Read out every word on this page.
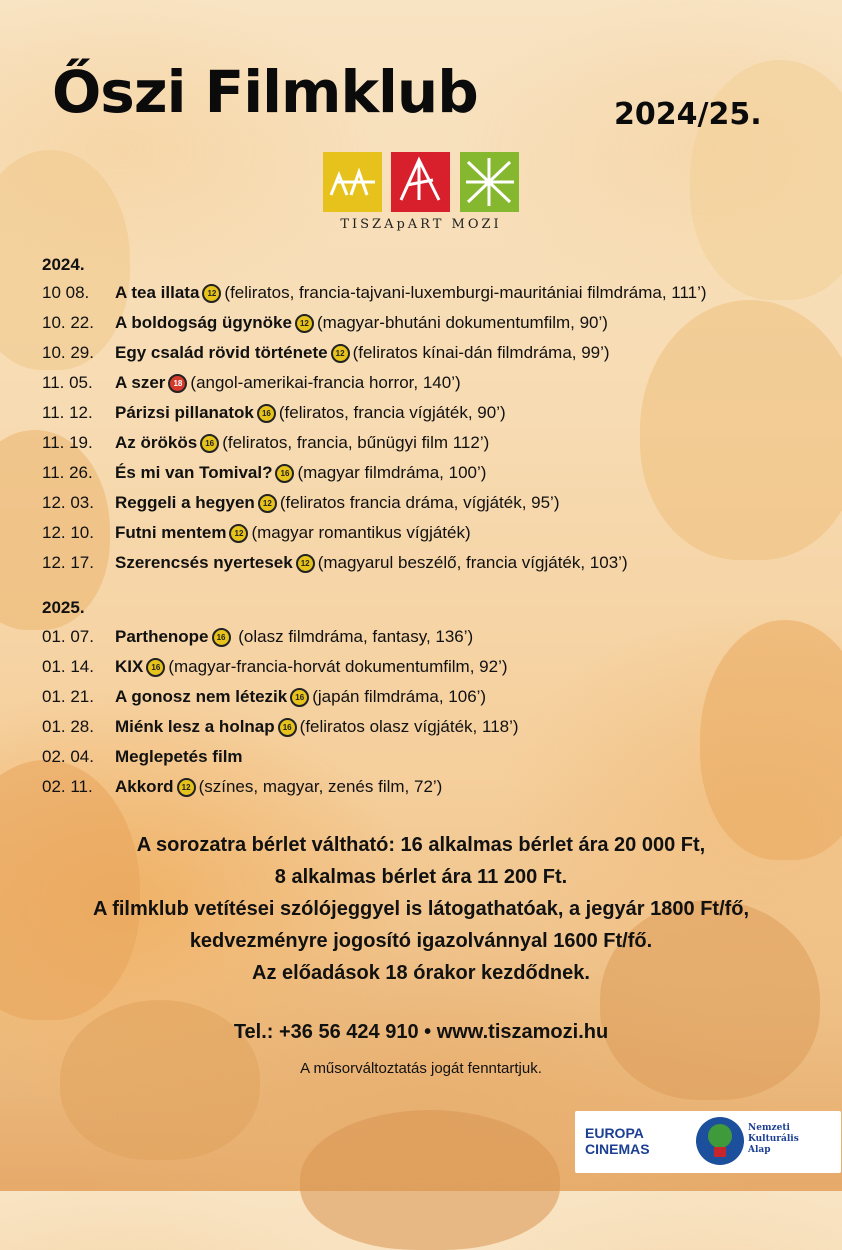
Őszi Filmklub	2024/25.
TISZApART MOZI
2024.
10 08.	A tea illata 12 (feliratos, francia-tajvani-luxemburgi-mauritániai filmdráma, 111’)
10. 22.	A boldogság ügynöke 12 (magyar-bhutáni dokumentumfilm, 90’)
10. 29.	Egy család rövid története 12 (feliratos kínai-dán filmdráma, 99’)
11. 05.	A szer 18 (angol-amerikai-francia horror, 140’)
11. 12.	Párizsi pillanatok 16 (feliratos, francia vígjáték, 90’)
11. 19.	Az örökös 16 (feliratos, francia, bűnügyi film 112’)
11. 26.	És mi van Tomival? 16 (magyar filmdráma, 100’)
12. 03.	Reggeli a hegyen 12 (feliratos francia dráma, vígjáték, 95’)
12. 10.	Futni mentem 12 (magyar romantikus vígjáték)
12. 17.	Szerencsés nyertesek 12 (magyarul beszélő, francia vígjáték, 103’)
2025.
01. 07.	Parthenope 16 (olasz filmdráma, fantasy, 136’)
01. 14.	KIX 16 (magyar-francia-horvát dokumentumfilm, 92’)
01. 21.	A gonosz nem létezik 16 (japán filmdráma, 106’)
01. 28.	Miénk lesz a holnap 16 (feliratos olasz vígjáték, 118’)
02. 04.	Meglepetés film
02. 11.	Akkord 12 (színes, magyar, zenés film, 72’)
A sorozatra bérlet váltható: 16 alkalmas bérlet ára 20 000 Ft,
8 alkalmas bérlet ára 11 200 Ft.
A filmklub vetítései szólójeggyel is látogathatóak, a jegyár 1800 Ft/fő,
kedvezményre jogosító igazolvánnyal 1600 Ft/fő.
Az előadások 18 órakor kezdődnek.
Tel.: +36 56 424 910 • www.tiszamozi.hu
A műsorváltoztatás jogát fenntartjuk.
EUROPA
CINEMAS
Nemzeti
Kulturális
Alap
